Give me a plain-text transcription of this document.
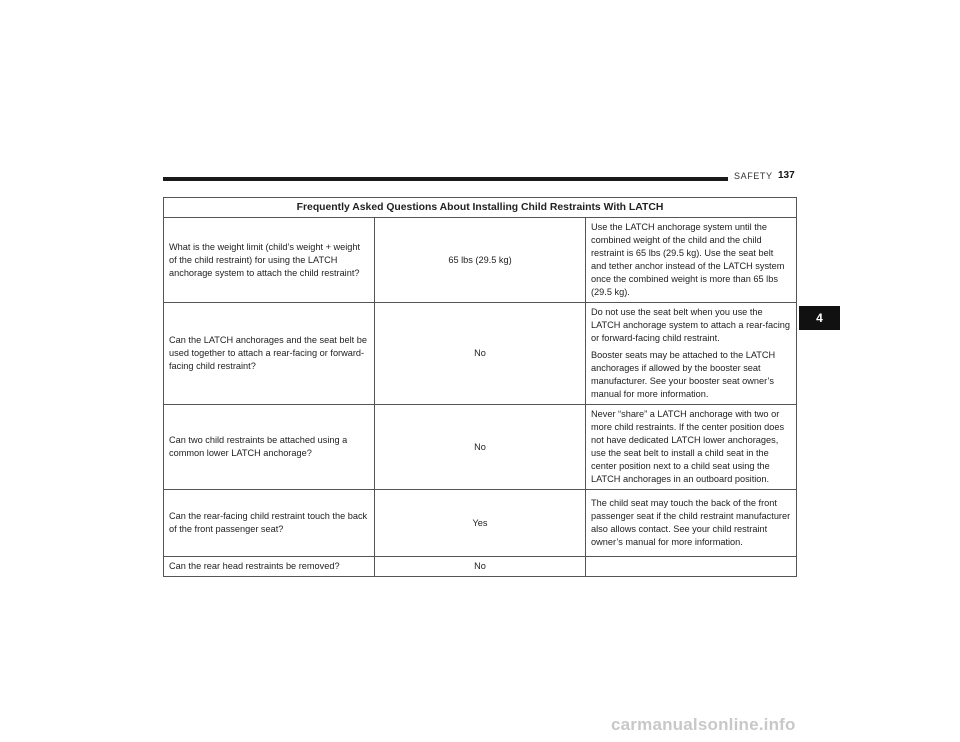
SAFETY 137
4
Frequently Asked Questions About Installing Child Restraints With LATCH		
What is the weight limit (child’s weight + weight of the child restraint) for using the LATCH anchorage system to attach the child restraint?	65 lbs (29.5 kg)	Use the LATCH anchorage system until the combined weight of the child and the child restraint is 65 lbs (29.5 kg). Use the seat belt and tether anchor instead of the LATCH system once the combined weight is more than 65 lbs (29.5 kg).

Can the LATCH anchorages and the seat belt be used together to attach a rear-facing or forward-facing child restraint?	No	Do not use the seat belt when you use the LATCH anchorage system to attach a rear-facing or forward-facing child restraint.

Booster seats may be attached to the LATCH anchorages if allowed by the booster seat manufacturer. See your booster seat owner’s manual for more information.

Can two child restraints be attached using a common lower LATCH anchorage?	No	Never “share” a LATCH anchorage with two or more child restraints. If the center position does not have dedicated LATCH lower anchorages, use the seat belt to install a child seat in the center position next to a child seat using the LATCH anchorages in an outboard position.

Can the rear-facing child restraint touch the back of the front passenger seat?	Yes	The child seat may touch the back of the front passenger seat if the child restraint manufacturer also allows contact. See your child restraint owner’s manual for more information.

Can the rear head restraints be removed?	No	
carmanualsonline.info
